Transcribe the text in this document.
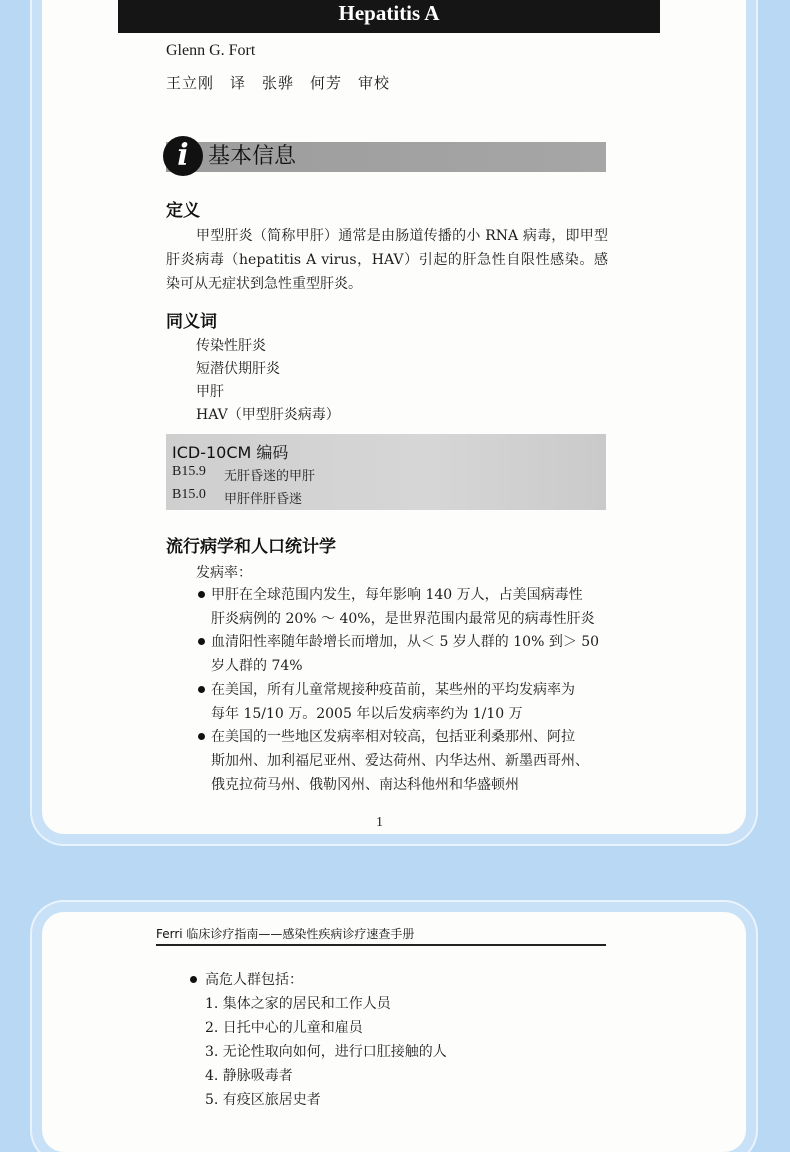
Hepatitis A
Glenn G. Fort
王立刚　译　张骅　何芳　审校
i 基本信息
定义
甲型肝炎（简称甲肝）通常是由肠道传播的小 RNA 病毒，即甲型肝炎病毒（hepatitis A virus，HAV）引起的肝急性自限性感染。感染可从无症状到急性重型肝炎。
同义词
传染性肝炎
短潜伏期肝炎
甲肝
HAV（甲型肝炎病毒）
ICD-10CM 编码
B15.9 无肝昏迷的甲肝
B15.0 甲肝伴肝昏迷
流行病学和人口统计学
发病率：
甲肝在全球范围内发生，每年影响 140 万人，占美国病毒性
肝炎病例的 20% ～ 40%，是世界范围内最常见的病毒性肝炎
血清阳性率随年龄增长而增加，从＜ 5 岁人群的 10% 到＞ 50
岁人群的 74%
在美国，所有儿童常规接种疫苗前，某些州的平均发病率为
每年 15/10 万。2005 年以后发病率约为 1/10 万
在美国的一些地区发病率相对较高，包括亚利桑那州、阿拉
斯加州、加利福尼亚州、爱达荷州、内华达州、新墨西哥州、
俄克拉荷马州、俄勒冈州、南达科他州和华盛顿州
1
Ferri 临床诊疗指南——感染性疾病诊疗速查手册
高危人群包括：
1. 集体之家的居民和工作人员
2. 日托中心的儿童和雇员
3. 无论性取向如何，进行口肛接触的人
4. 静脉吸毒者
5. 有疫区旅居史者
